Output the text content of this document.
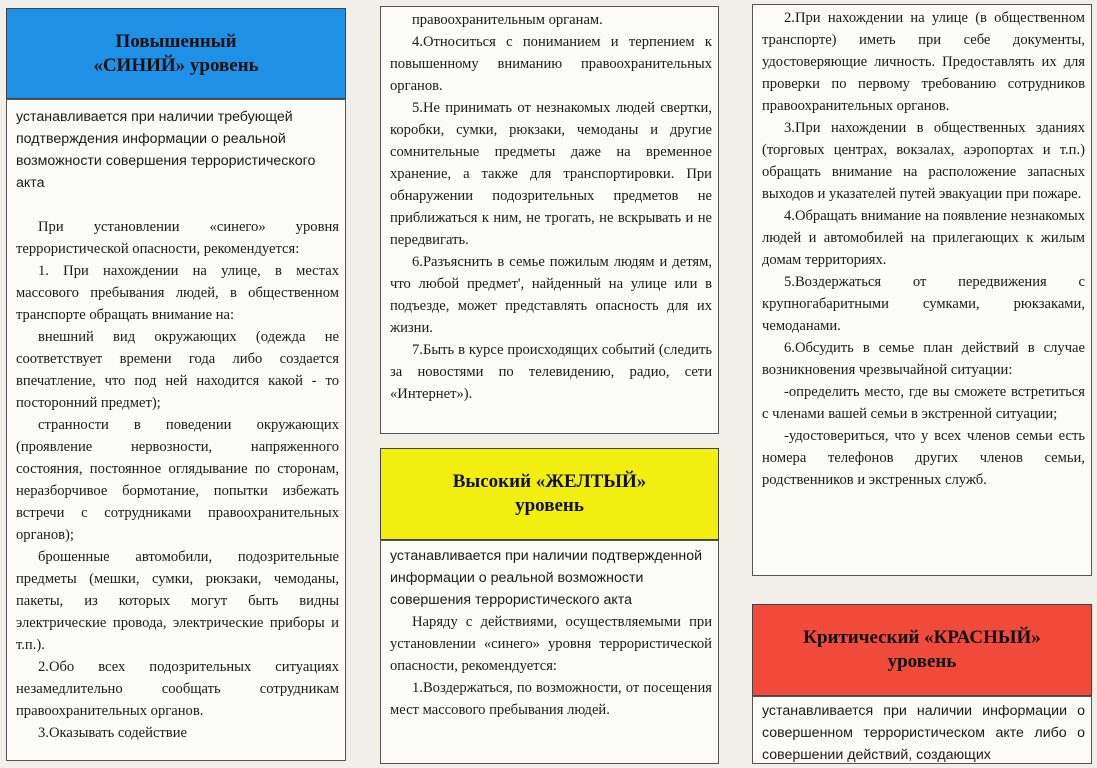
Повышенный
«СИНИЙ» уровень

устанавливается при наличии требующей подтверждения информации о реальной возможности совершения террористического акта

При установлении «синего» уровня террористической опасности, рекомендуется:

1. При нахождении на улице, в местах массового пребывания людей, в общественном транспорте обращать внимание на:

внешний вид окружающих (одежда не соответствует времени года либо создается впечатление, что под ней находится какой - то посторонний предмет);

странности в поведении окружающих (проявление нервозности, напряженного состояния, постоянное оглядывание по сторонам, неразборчивое бормотание, попытки избежать встречи с сотрудниками правоохранительных органов);

брошенные автомобили, подозрительные предметы (мешки, сумки, рюкзаки, чемоданы, пакеты, из которых могут быть видны электрические провода, электрические приборы и т.п.).

2.Обо всех подозрительных ситуациях незамедлительно сообщать сотрудникам правоохранительных органов.

3.Оказывать содействие

правоохранительным органам.

4.Относиться с пониманием и терпением к повышенному вниманию правоохранительных органов.

5.Не принимать от незнакомых людей свертки, коробки, сумки, рюкзаки, чемоданы и другие сомнительные предметы даже на временное хранение, а также для транспортировки. При обнаружении подозрительных предметов не приближаться к ним, не трогать, не вскрывать и не передвигать.

6.Разъяснить в семье пожилым людям и детям, что любой предмет', найденный на улице или в подъезде, может представлять опасность для их жизни.

7.Быть в курсе происходящих событий (следить за новостями по телевидению, радио, сети «Интернет»).

Высокий «ЖЕЛТЫЙ»
уровень

устанавливается при наличии подтвержденной информации о реальной возможности совершения террористического акта

Наряду с действиями, осуществляемыми при установлении «синего» уровня террористической опасности, рекомендуется:

1.Воздержаться, по возможности, от посещения мест массового пребывания людей.

2.При нахождении на улице (в общественном транспорте) иметь при себе документы, удостоверяющие личность. Предоставлять их для проверки по первому требованию сотрудников правоохранительных органов.

3.При нахождении в общественных зданиях (торговых центрах, вокзалах, аэропортах и т.п.) обращать внимание на расположение запасных выходов и указателей путей эвакуации при пожаре.

4.Обращать внимание на появление незнакомых людей и автомобилей на прилегающих к жилым домам территориях.

5.Воздержаться от передвижения с крупногабаритными сумками, рюкзаками, чемоданами.

6.Обсудить в семье план действий в случае возникновения чрезвычайной ситуации:

-определить место, где вы сможете встретиться с членами вашей семьи в экстренной ситуации;

-удостовериться, что у всех членов семьи есть номера телефонов других членов семьи, родственников и экстренных служб.

Критический «КРАСНЫЙ»
уровень

устанавливается при наличии информации о совершенном террористическом акте либо о совершении действий, создающих
